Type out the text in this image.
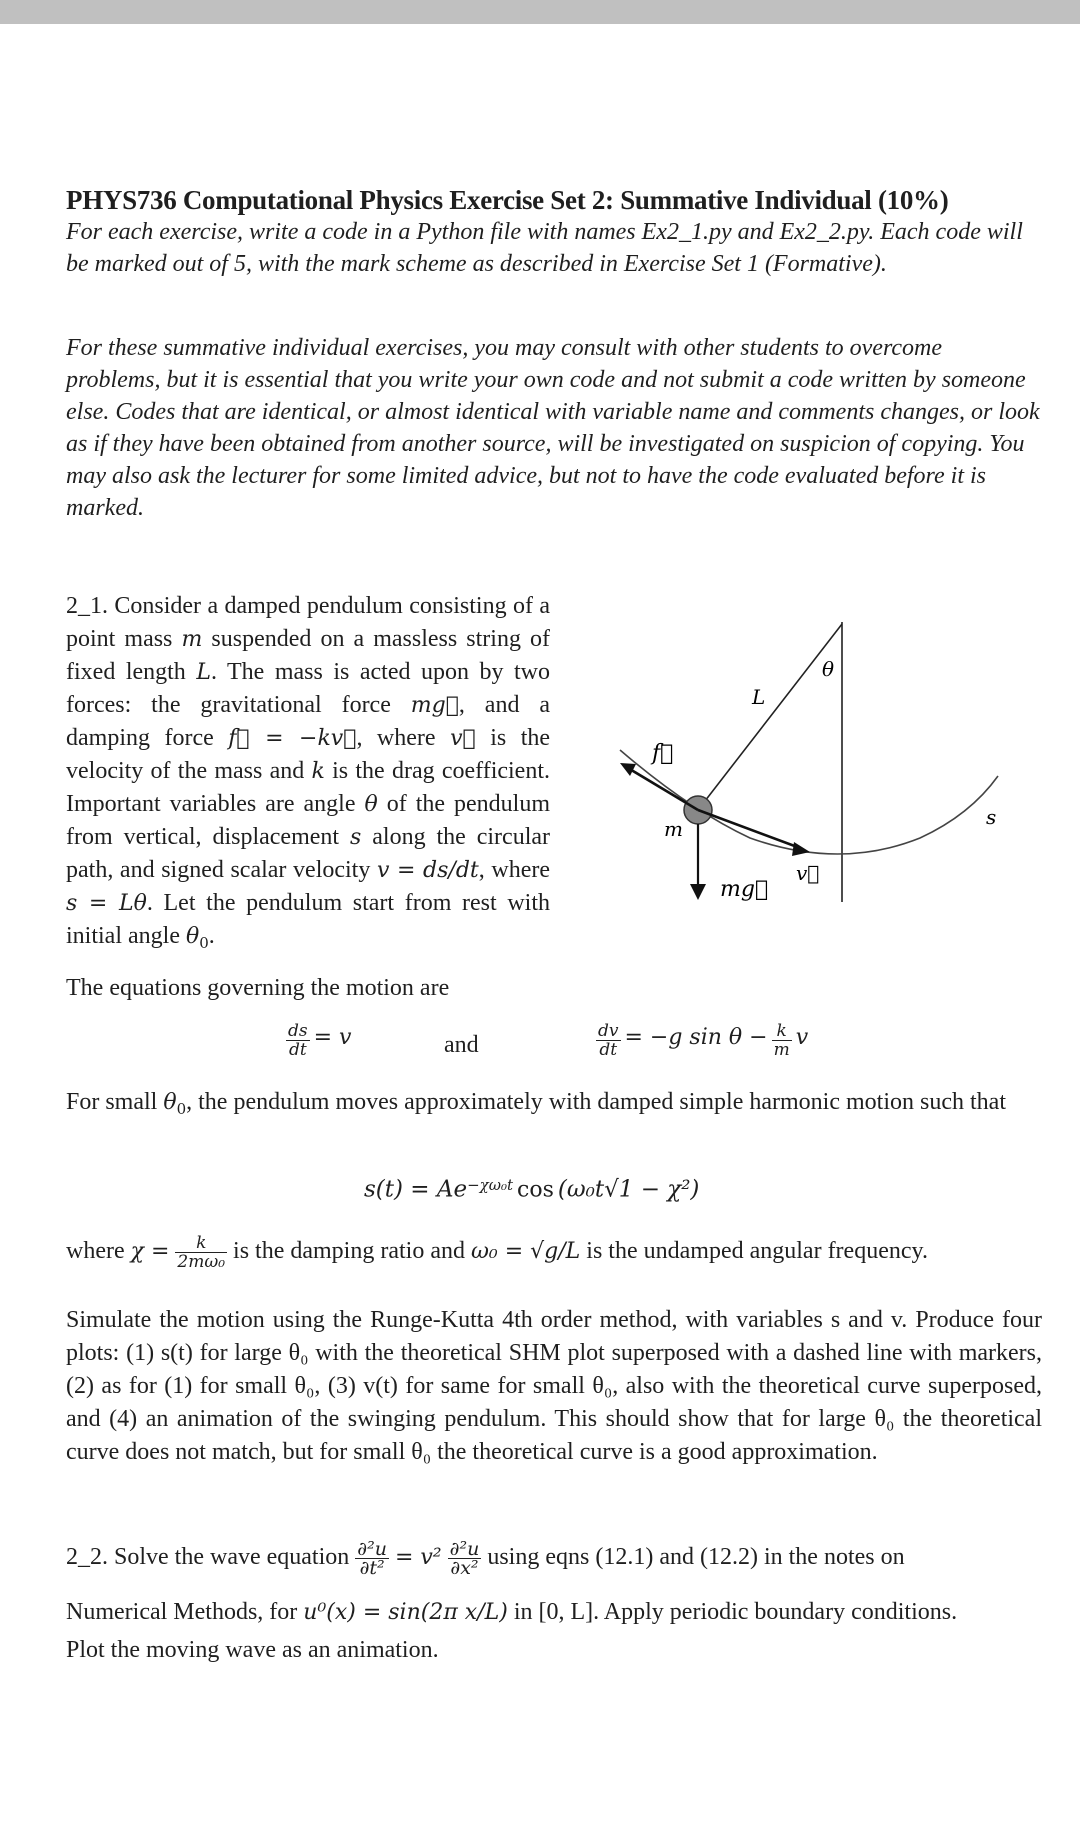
PHYS736 Computational Physics Exercise Set 2: Summative Individual (10%)
For each exercise, write a code in a Python file with names Ex2_1.py and Ex2_2.py. Each code will be marked out of 5, with the mark scheme as described in Exercise Set 1 (Formative).
For these summative individual exercises, you may consult with other students to overcome problems, but it is essential that you write your own code and not submit a code written by someone else. Codes that are identical, or almost identical with variable name and comments changes, or look as if they have been obtained from another source, will be investigated on suspicion of copying. You may also ask the lecturer for some limited advice, but not to have the code evaluated before it is marked.
2_1. Consider a damped pendulum consisting of a point mass m suspended on a massless string of fixed length L. The mass is acted upon by two forces: the gravitational force mg⃗, and a damping force f⃗ = −kv⃗, where v⃗ is the velocity of the mass and k is the drag coefficient. Important variables are angle θ of the pendulum from vertical, displacement s along the circular path, and signed scalar velocity v = ds/dt, where s = Lθ. Let the pendulum start from rest with initial angle $\theta_0$.
f⃗
L
θ
s
m
mg⃗
v⃗
The equations governing the motion are
$\frac{ds}{dt} = v$	and	$\frac{dv}{dt} = -g$ $\sin \theta - \frac{k}{m}$ v
For small $\theta_0$, the pendulum moves approximately with damped simple harmonic motion such that
$s(t) = Ae^{-\chi\omega_0t}$ cos (ω₀t√1 − χ²)
where $\chi = \frac{k}{\text{2mω₀}}$ is the damping ratio and ω₀ = √g/L is the undamped angular frequency.
Simulate the motion using the Runge-Kutta 4th order method, with variables s and v. Produce four plots: (1) s(t) for large θ₀ with the theoretical SHM plot superposed with a dashed line with markers, (2) as for (1) for small θ₀, (3) v(t) for same for small θ₀, also with the theoretical curve superposed, and (4) an animation of the swinging pendulum. This should show that for large θ₀ the theoretical curve does not match, but for small θ₀ the theoretical curve is a good approximation.
2_2. Solve the wave equation $\frac{\text{∂²u}}{\text{∂t²}} = v^2 \frac{\text{∂²u}}{\text{∂x²}}$ using eqns (12.1) and (12.2) in the notes on
Numerical Methods, for u⁰(x) = sin(2π x/L) in [0, L]. Apply periodic boundary conditions.
Plot the moving wave as an animation.
